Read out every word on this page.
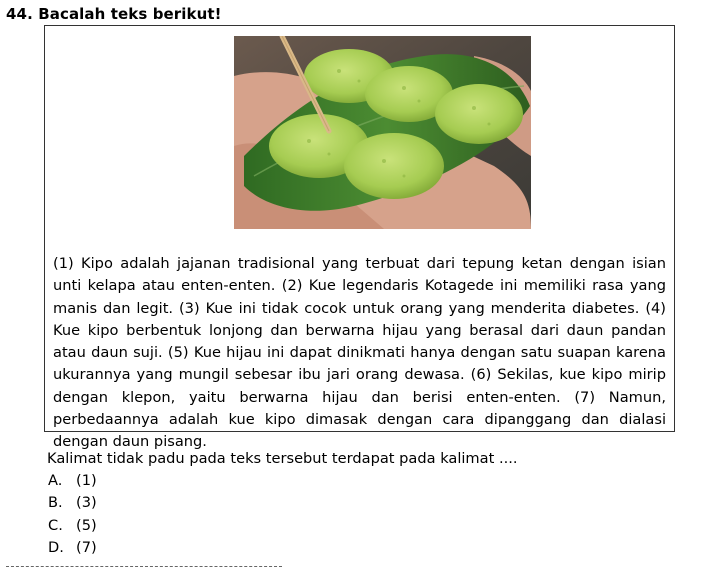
44. Bacalah teks berikut!
(1) Kipo adalah jajanan tradisional yang terbuat dari tepung ketan dengan isian unti kelapa atau enten-enten. (2) Kue legendaris Kotagede ini memiliki rasa yang manis dan legit. (3) Kue ini tidak cocok untuk orang yang menderita diabetes. (4) Kue kipo berbentuk lonjong dan berwarna hijau yang berasal dari daun pandan atau daun suji. (5) Kue hijau ini dapat dinikmati hanya dengan satu suapan karena ukurannya yang mungil sebesar ibu jari orang dewasa. (6) Sekilas, kue kipo mirip dengan klepon, yaitu berwarna hijau dan berisi enten-enten. (7) Namun, perbedaannya adalah kue kipo dimasak dengan cara dipanggang dan dialasi dengan daun pisang.
Kalimat tidak padu pada teks tersebut terdapat pada kalimat ....
A. (1)
B. (3)
C. (5)
D. (7)
